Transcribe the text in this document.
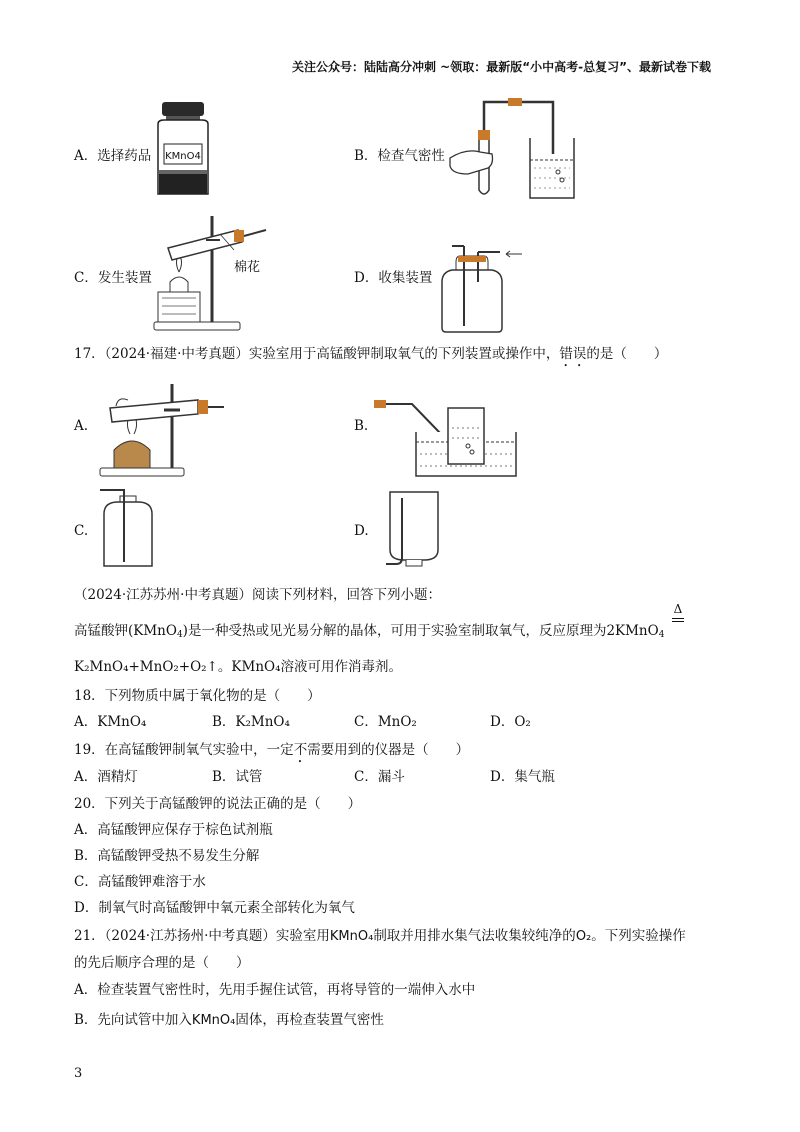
关注公众号：陆陆高分冲刺 ~领取：最新版“小中高考-总复习”、最新试卷下载
A．选择药品 KMnO4	B．检查气密性
C．发生装置
棉花
D．收集装置
17．（2024·福建·中考真题）实验室用于高锰酸钾制取氧气的下列装置或操作中，错误的是（　　）
A.	B.
C.	D.
（2024·江苏苏州·中考真题）阅读下列材料，回答下列小题：
高锰酸钾(KMnO$_4$)是一种受热或见光易分解的晶体，可用于实验室制取氧气，反应原理为2KMnO$_4$
Δ
K₂MnO₄+MnO₂+O₂↑。KMnO₄溶液可用作消毒剂。
18．下列物质中属于氧化物的是（　　）
A．KMnO₄	B．K₂MnO₄	C．MnO₂	D．O₂
19．在高锰酸钾制氧气实验中，一定不需要用到的仪器是（　　）
A．酒精灯	B．试管	C．漏斗	D．集气瓶
20．下列关于高锰酸钾的说法正确的是（　　）
A．高锰酸钾应保存于棕色试剂瓶
B．高锰酸钾受热不易发生分解
C．高锰酸钾难溶于水
D．制氧气时高锰酸钾中氧元素全部转化为氧气
21．（2024·江苏扬州·中考真题）实验室用KMnO₄制取并用排水集气法收集较纯净的O₂。下列实验操作
的先后顺序合理的是（　　）
A．检查装置气密性时，先用手握住试管，再将导管的一端伸入水中
B．先向试管中加入KMnO₄固体，再检查装置气密性
3
